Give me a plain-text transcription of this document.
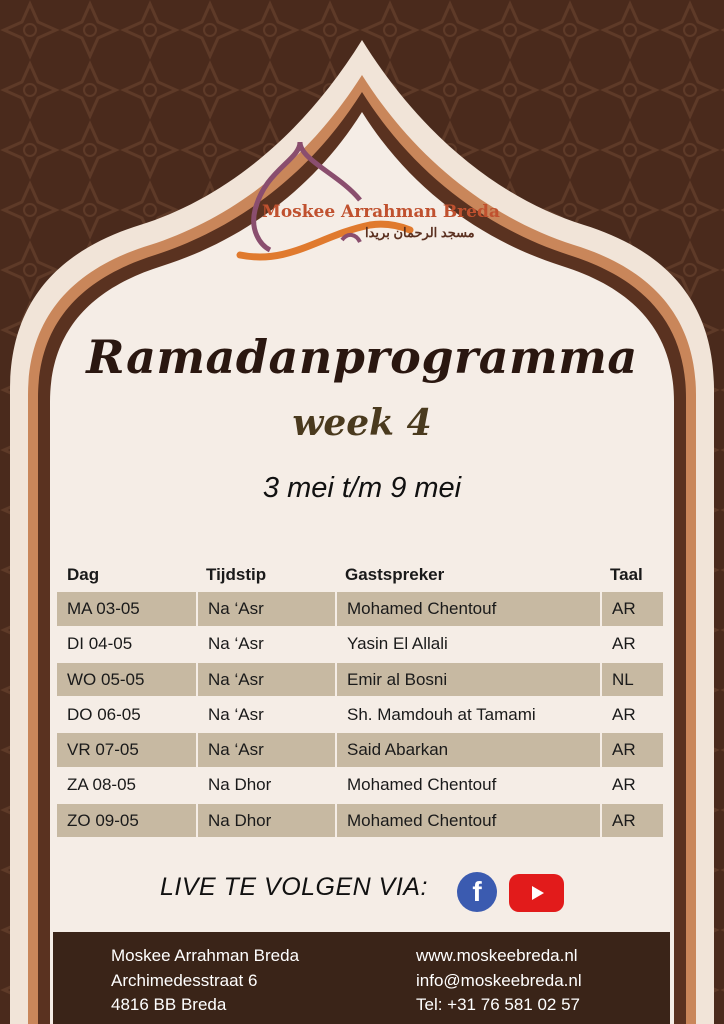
Moskee Arrahman Breda
مسجد الرحمان بريدا
Ramadanprogramma
week 4
3 mei t/m 9 mei
Dag	Tijdstip	Gastspreker	Taal
MA 03-05	Na ‘Asr	Mohamed Chentouf	AR
DI 04-05	Na ‘Asr	Yasin El Allali	AR
WO 05-05	Na ‘Asr	Emir al Bosni	NL
DO 06-05	Na ‘Asr	Sh. Mamdouh at Tamami	AR
VR 07-05	Na ‘Asr	Said Abarkan	AR
ZA 08-05	Na Dhor	Mohamed Chentouf	AR
ZO 09-05	Na Dhor	Mohamed Chentouf	AR
LIVE TE VOLGEN VIA:	f
Moskee Arrahman Breda
Archimedesstraat 6
4816 BB Breda
www.moskeebreda.nl
info@moskeebreda.nl
Tel: +31 76 581 02 57
